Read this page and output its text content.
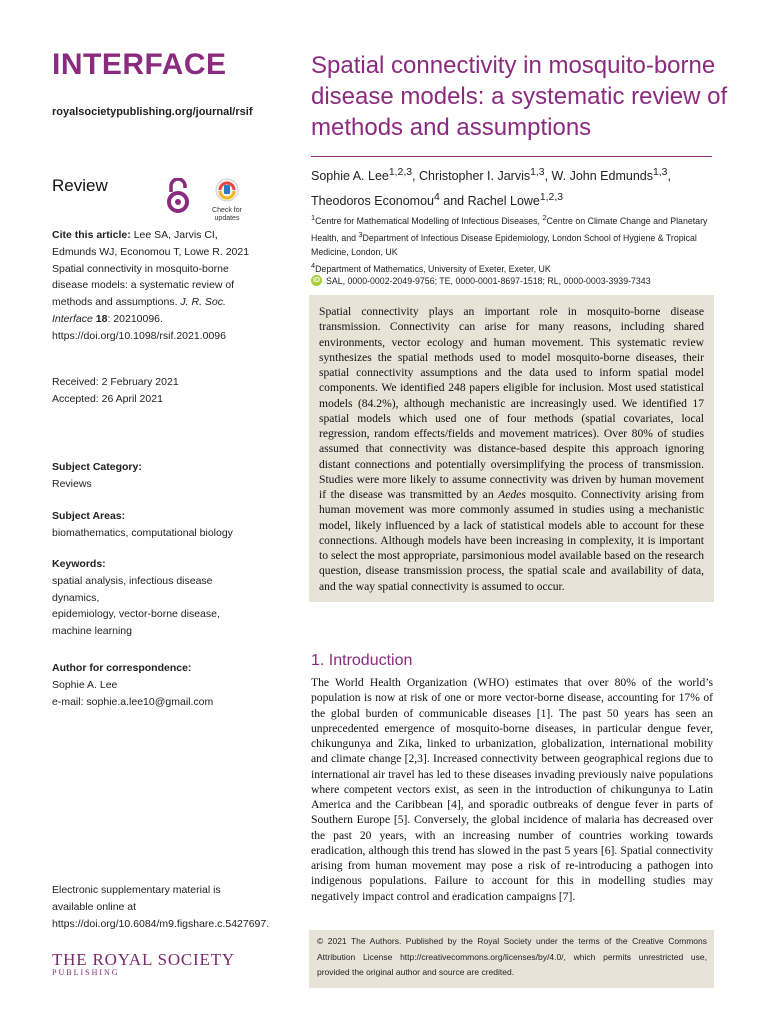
INTERFACE
royalsocietypublishing.org/journal/rsif
Review
Check for updates
Cite this article: Lee SA, Jarvis CI, Edmunds WJ, Economou T, Lowe R. 2021 Spatial connectivity in mosquito-borne disease models: a systematic review of methods and assumptions. J. R. Soc. Interface 18: 20210096. https://doi.org/10.1098/rsif.2021.0096
Received: 2 February 2021
Accepted: 26 April 2021
Subject Category:
Reviews
Subject Areas:
biomathematics, computational biology
Keywords:
spatial analysis, infectious disease dynamics,
epidemiology, vector-borne disease,
machine learning
Author for correspondence:
Sophie A. Lee
e-mail: sophie.a.lee10@gmail.com
Electronic supplementary material is available online at https://doi.org/10.6084/m9.figshare.c.5427697.
THE ROYAL SOCIETY
PUBLISHING
Spatial connectivity in mosquito-borne disease models: a systematic review of methods and assumptions
Sophie A. Lee$^{1,2,3}$, Christopher I. Jarvis$^{1,3}$, W. John Edmunds$^{1,3}$,
Theodoros Economou$^4$ and Rachel Lowe$^{1,2,3}$
$^1$Centre for Mathematical Modelling of Infectious Diseases, $^2$Centre on Climate Change and Planetary Health, and $^3$Department of Infectious Disease Epidemiology, London School of Hygiene & Tropical Medicine, London, UK
$^4$Department of Mathematics, University of Exeter, Exeter, UK
iD SAL, 0000-0002-2049-9756; TE, 0000-0001-8697-1518; RL, 0000-0003-3939-7343
Spatial connectivity plays an important role in mosquito-borne disease transmission. Connectivity can arise for many reasons, including shared environments, vector ecology and human movement. This systematic review synthesizes the spatial methods used to model mosquito-borne diseases, their spatial connectivity assumptions and the data used to inform spatial model components. We identified 248 papers eligible for inclusion. Most used statistical models (84.2%), although mechanistic are increasingly used. We identified 17 spatial models which used one of four methods (spatial covariates, local regression, random effects/fields and movement matrices). Over 80% of studies assumed that connectivity was distance-based despite this approach ignoring distant connections and potentially oversimplifying the process of transmission. Studies were more likely to assume connectivity was driven by human movement if the disease was transmitted by an Aedes mosquito. Connectivity arising from human movement was more commonly assumed in studies using a mechanistic model, likely influenced by a lack of statistical models able to account for these connections. Although models have been increasing in complexity, it is important to select the most appropriate, parsimonious model available based on the research question, disease transmission process, the spatial scale and availability of data, and the way spatial connectivity is assumed to occur.
1. Introduction
The World Health Organization (WHO) estimates that over 80% of the world’s population is now at risk of one or more vector-borne disease, accounting for 17% of the global burden of communicable diseases [1]. The past 50 years has seen an unprecedented emergence of mosquito-borne diseases, in particular dengue fever, chikungunya and Zika, linked to urbanization, globalization, international mobility and climate change [2,3]. Increased connectivity between geographical regions due to international air travel has led to these diseases invading previously naive populations where competent vectors exist, as seen in the introduction of chikungunya to Latin America and the Caribbean [4], and sporadic outbreaks of dengue fever in parts of Southern Europe [5]. Conversely, the global incidence of malaria has decreased over the past 20 years, with an increasing number of countries working towards eradication, although this trend has slowed in the past 5 years [6]. Spatial connectivity arising from human movement may pose a risk of re-introducing a pathogen into indigenous populations. Failure to account for this in modelling studies may negatively impact control and eradication campaigns [7].
© 2021 The Authors. Published by the Royal Society under the terms of the Creative Commons Attribution License http://creativecommons.org/licenses/by/4.0/, which permits unrestricted use, provided the original author and source are credited.
